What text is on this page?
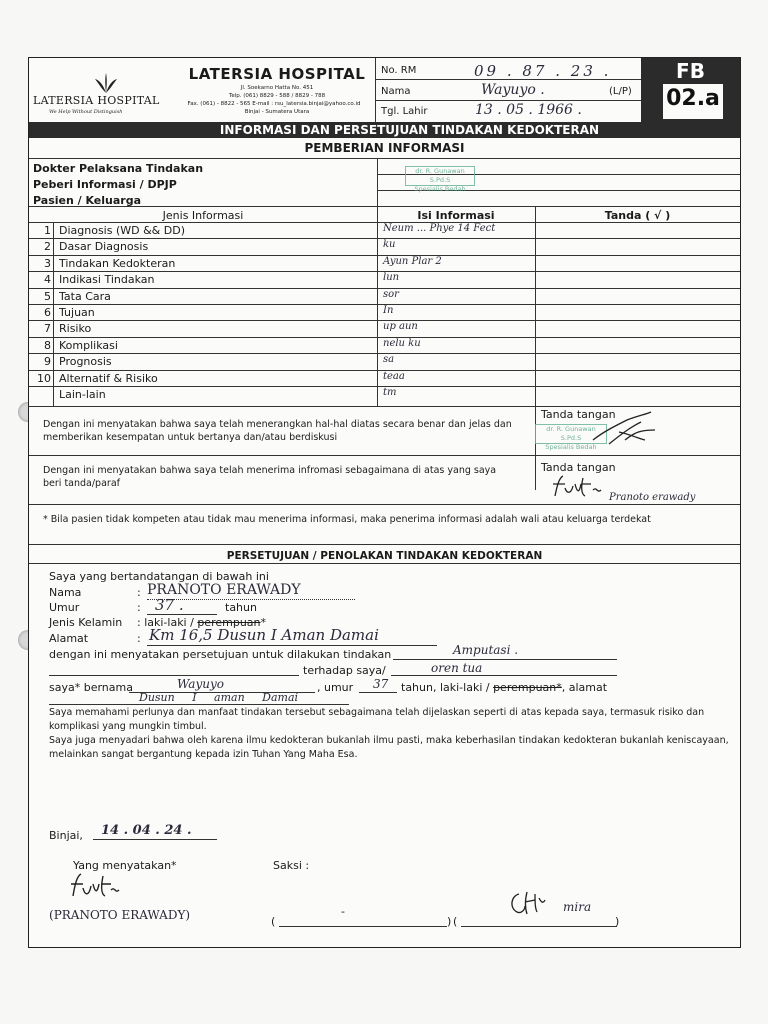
LATERSIA HOSPITAL
We Help Without Distinguish
LATERSIA HOSPITAL
Jl. Soekarno Hatta No. 451
Telp. (061) 8829 - 588 / 8829 - 788
Fax. (061) - 8822 - 565 E-mail : rsu_latersia.binjai@yahoo.co.id
Binjai - Sumatera Utara
No. RM	09 . 87 . 23 .
Nama	Wayuyo .	(L/P)
Tgl. Lahir	13 . 05 . 1966 .
FB
02.a
INFORMASI DAN PERSETUJUAN TINDAKAN KEDOKTERAN
PEMBERIAN INFORMASI
Dokter Pelaksana Tindakan
Peberi Informasi / DPJP
Pasien / Keluarga
dr. R. Gunawan S.Pd.S
Spesialis Bedah
Jenis Informasi	Isi Informasi	Tanda ( √ )
Dengan ini menyatakan bahwa saya telah menerangkan hal-hal diatas secara benar dan jelas dan memberikan kesempatan untuk bertanya dan/atau berdiskusi
Tanda tangan
dr. R. Gunawan S.Pd.S
Spesialis Bedah
Dengan ini menyatakan bahwa saya telah menerima infromasi sebagaimana di atas yang saya beri tanda/paraf
Tanda tangan
Pranoto erawady
* Bila pasien tidak kompeten atau tidak mau menerima informasi, maka penerima informasi adalah wali atau keluarga terdekat
PERSETUJUAN / PENOLAKAN TINDAKAN KEDOKTERAN
Saya yang bertandatangan di bawah ini
Nama	: PRANOTO ERAWADY
Umur	: 37 .	tahun
Jenis Kelamin : laki-laki / perempuan*
Alamat	: Km 16,5 Dusun I Aman Damai
dengan ini menyatakan persetujuan untuk dilakukan tindakan	Amputasi .
terhadap saya/	oren tua
saya* bernama	Wayuyo	, umur 37 tahun, laki-laki / perempuan*, alamat
Dusun I aman Damai
Saya memahami perlunya dan manfaat tindakan tersebut sebagaimana telah dijelaskan seperti di atas kepada saya, termasuk risiko dan komplikasi yang mungkin timbul.
Saya juga menyadari bahwa oleh karena ilmu kedokteran bukanlah ilmu pasti, maka keberhasilan tindakan kedokteran bukanlah keniscayaan, melainkan sangat bergantung kepada izin Tuhan Yang Maha Esa.
Binjai, 14 . 04 . 24 .
Yang menyatakan*	Saksi :
(PRANOTO ERAWADY)	(	)
-
(	)
mira
1 Diagnosis (WD && DD)	Neum ... Phye 14 Fect
2 Dasar Diagnosis	ku
3 Tindakan Kedokteran	Ayun Plar 2
4 Indikasi Tindakan	lun
5 Tata Cara	sor
6 Tujuan	In
7 Risiko	up aun
8 Komplikasi	nelu ku
9 Prognosis	sa
10 Alternatif & Risiko	teaa
Lain-lain	tm
